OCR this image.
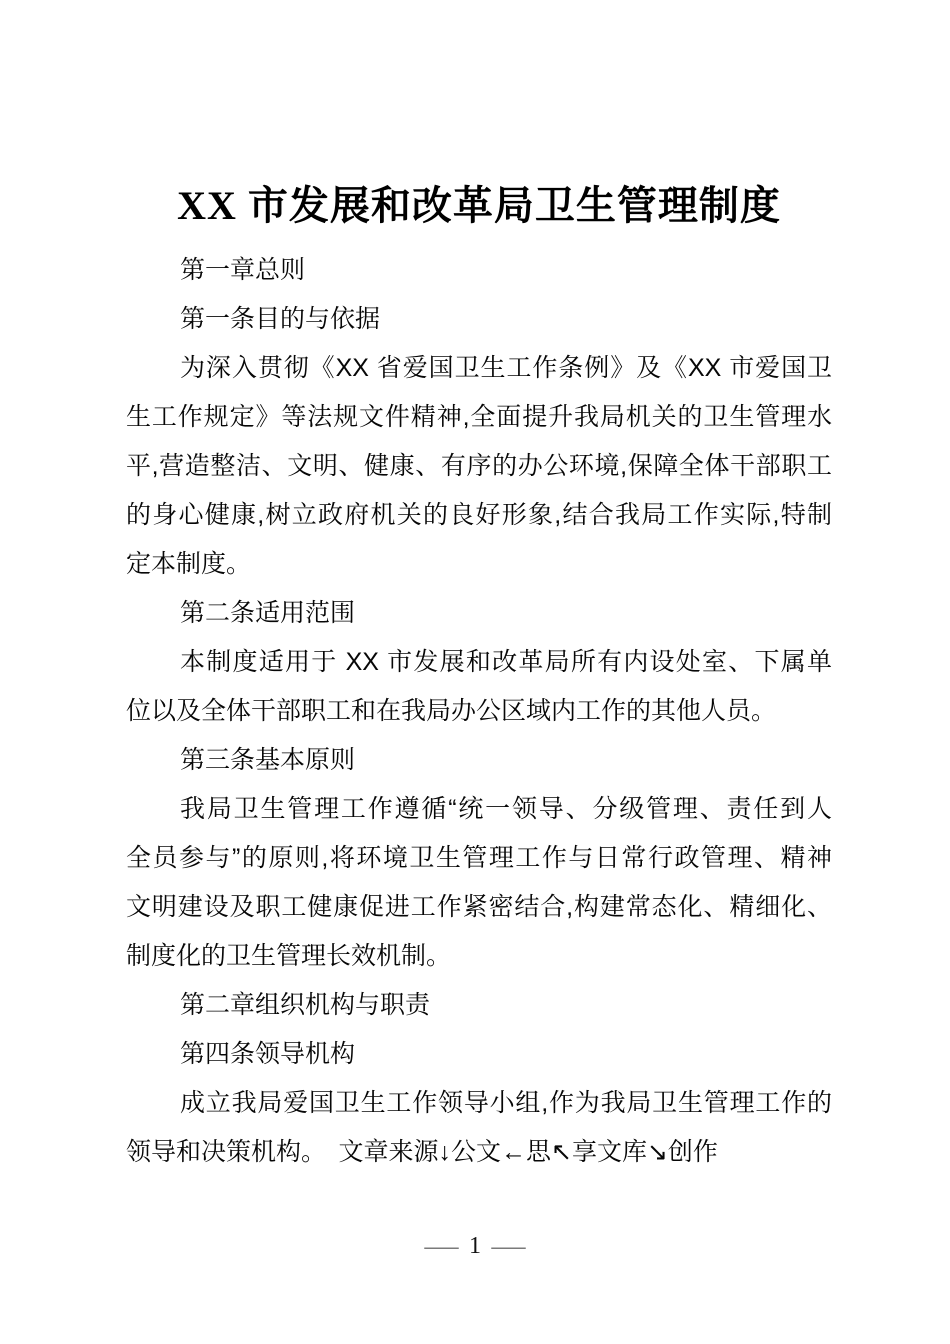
XX 市发展和改革局卫生管理制度
第一章总则
第一条目的与依据
为深入贯彻《XX 省爱国卫生工作条例》及《XX 市爱国卫
生工作规定》等法规文件精神,全面提升我局机关的卫生管理水
平,营造整洁、文明、健康、有序的办公环境,保障全体干部职工
的身心健康,树立政府机关的良好形象,结合我局工作实际,特制
定本制度。
第二条适用范围
本制度适用于 XX 市发展和改革局所有内设处室、下属单
位以及全体干部职工和在我局办公区域内工作的其他人员。
第三条基本原则
我局卫生管理工作遵循“统一领导、分级管理、责任到人
全员参与”的原则,将环境卫生管理工作与日常行政管理、精神
文明建设及职工健康促进工作紧密结合,构建常态化、精细化、
制度化的卫生管理长效机制。
第二章组织机构与职责
第四条领导机构
成立我局爱国卫生工作领导小组,作为我局卫生管理工作的
领导和决策机构。　文章来源↓公文←思↖享文库↘创作
— 1 —
